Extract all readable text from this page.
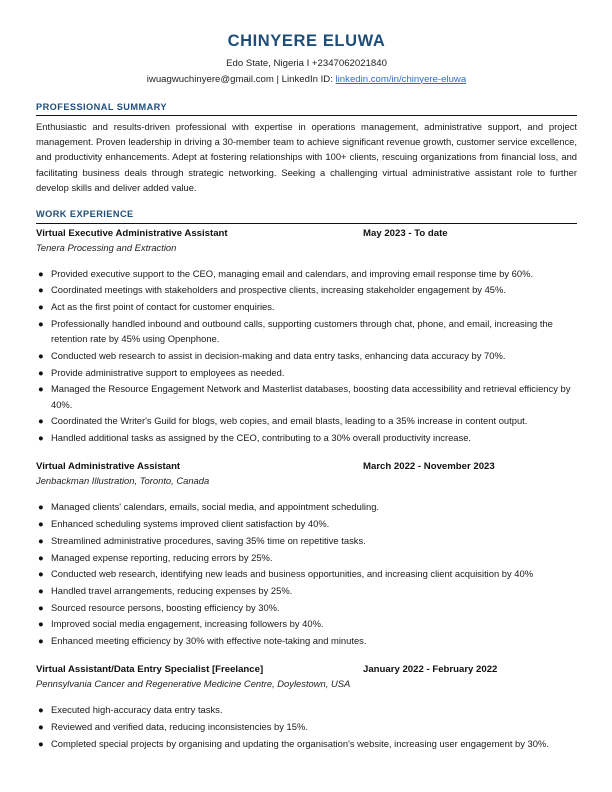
CHINYERE ELUWA
Edo State, Nigeria I +2347062021840
iwuagwuchinyere@gmail.com | LinkedIn ID: linkedin.com/in/chinyere-eluwa
PROFESSIONAL SUMMARY
Enthusiastic and results-driven professional with expertise in operations management, administrative support, and project management. Proven leadership in driving a 30-member team to achieve significant revenue growth, customer service excellence, and productivity enhancements. Adept at fostering relationships with 100+ clients, rescuing organizations from financial loss, and facilitating business deals through strategic networking. Seeking a challenging virtual administrative assistant role to further develop skills and deliver added value.
WORK EXPERIENCE
Virtual Executive Administrative Assistant	May 2023 - To date
Tenera Processing and Extraction
● Provided executive support to the CEO, managing email and calendars, and improving email response time by 60%.
● Coordinated meetings with stakeholders and prospective clients, increasing stakeholder engagement by 45%.
● Act as the first point of contact for customer enquiries.
● Professionally handled inbound and outbound calls, supporting customers through chat, phone, and email, increasing the retention rate by 45% using Openphone.
● Conducted web research to assist in decision-making and data entry tasks, enhancing data accuracy by 70%.
● Provide administrative support to employees as needed.
● Managed the Resource Engagement Network and Masterlist databases, boosting data accessibility and retrieval efficiency by 40%.
● Coordinated the Writer's Guild for blogs, web copies, and email blasts, leading to a 35% increase in content output.
● Handled additional tasks as assigned by the CEO, contributing to a 30% overall productivity increase.
Virtual Administrative Assistant	March 2022 - November 2023
Jenbackman Illustration, Toronto, Canada
● Managed clients' calendars, emails, social media, and appointment scheduling.
● Enhanced scheduling systems improved client satisfaction by 40%.
● Streamlined administrative procedures, saving 35% time on repetitive tasks.
● Managed expense reporting, reducing errors by 25%.
● Conducted web research, identifying new leads and business opportunities, and increasing client acquisition by 40%
● Handled travel arrangements, reducing expenses by 25%.
● Sourced resource persons, boosting efficiency by 30%.
● Improved social media engagement, increasing followers by 40%.
● Enhanced meeting efficiency by 30% with effective note-taking and minutes.
Virtual Assistant/Data Entry Specialist [Freelance]	January 2022 - February 2022
Pennsylvania Cancer and Regenerative Medicine Centre, Doylestown, USA
● Executed high-accuracy data entry tasks.
● Reviewed and verified data, reducing inconsistencies by 15%.
● Completed special projects by organising and updating the organisation's website, increasing user engagement by 30%.
